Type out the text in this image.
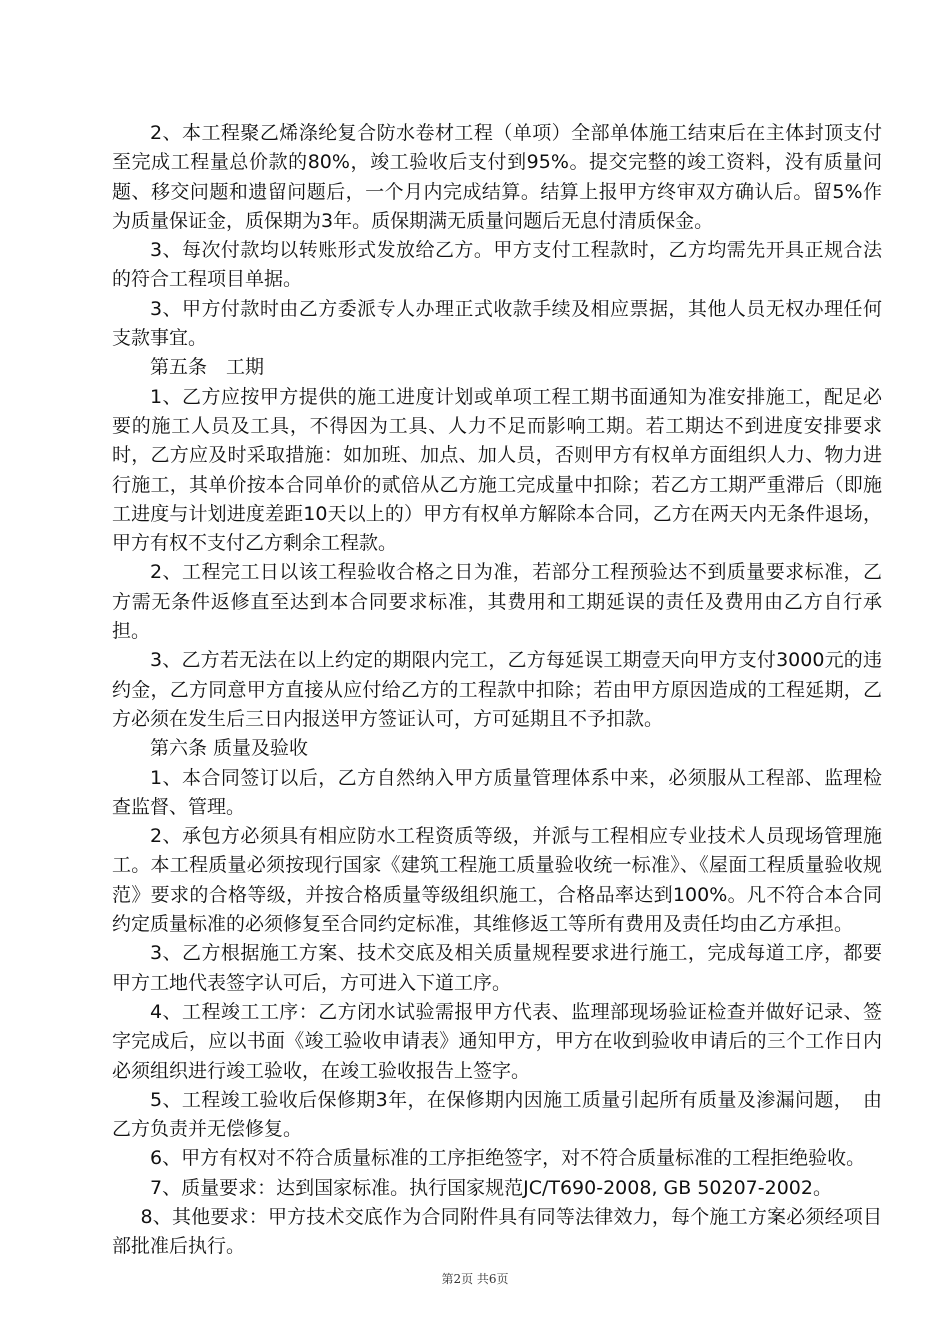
2、本工程聚乙烯涤纶复合防水卷材工程（单项）全部单体施工结束后在主体封顶支付至完成工程量总价款的80%，竣工验收后支付到95%。提交完整的竣工资料，没有质量问题、移交问题和遗留问题后，一个月内完成结算。结算上报甲方终审双方确认后。留5%作为质量保证金，质保期为3年。质保期满无质量问题后无息付清质保金。

3、每次付款均以转账形式发放给乙方。甲方支付工程款时，乙方均需先开具正规合法的符合工程项目单据。

3、甲方付款时由乙方委派专人办理正式收款手续及相应票据，其他人员无权办理任何支款事宜。

第五条　工期

1、乙方应按甲方提供的施工进度计划或单项工程工期书面通知为准安排施工，配足必要的施工人员及工具，不得因为工具、人力不足而影响工期。若工期达不到进度安排要求时，乙方应及时采取措施：如加班、加点、加人员，否则甲方有权单方面组织人力、物力进行施工，其单价按本合同单价的贰倍从乙方施工完成量中扣除；若乙方工期严重滞后（即施工进度与计划进度差距10天以上的）甲方有权单方解除本合同，乙方在两天内无条件退场，甲方有权不支付乙方剩余工程款。

2、工程完工日以该工程验收合格之日为准，若部分工程预验达不到质量要求标准，乙方需无条件返修直至达到本合同要求标准，其费用和工期延误的责任及费用由乙方自行承担。

3、乙方若无法在以上约定的期限内完工，乙方每延误工期壹天向甲方支付3000元的违约金，乙方同意甲方直接从应付给乙方的工程款中扣除；若由甲方原因造成的工程延期，乙方必须在发生后三日内报送甲方签证认可，方可延期且不予扣款。

第六条 质量及验收

1、本合同签订以后，乙方自然纳入甲方质量管理体系中来，必须服从工程部、监理检查监督、管理。

2、承包方必须具有相应防水工程资质等级，并派与工程相应专业技术人员现场管理施工。本工程质量必须按现行国家《建筑工程施工质量验收统一标准》、《屋面工程质量验收规范》要求的合格等级，并按合格质量等级组织施工，合格品率达到100%。凡不符合本合同约定质量标准的必须修复至合同约定标准，其维修返工等所有费用及责任均由乙方承担。

3、乙方根据施工方案、技术交底及相关质量规程要求进行施工，完成每道工序，都要甲方工地代表签字认可后，方可进入下道工序。

4、工程竣工工序：乙方闭水试验需报甲方代表、监理部现场验证检查并做好记录、签字完成后，应以书面《竣工验收申请表》通知甲方，甲方在收到验收申请后的三个工作日内必须组织进行竣工验收，在竣工验收报告上签字。

5、工程竣工验收后保修期3年，在保修期内因施工质量引起所有质量及渗漏问题，　由乙方负责并无偿修复。

6、甲方有权对不符合质量标准的工序拒绝签字，对不符合质量标准的工程拒绝验收。

7、质量要求：达到国家标准。执行国家规范JC/T690-2008, GB 50207-2002。

8、其他要求：甲方技术交底作为合同附件具有同等法律效力，每个施工方案必须经项目部批准后执行。

第2页 共6页
